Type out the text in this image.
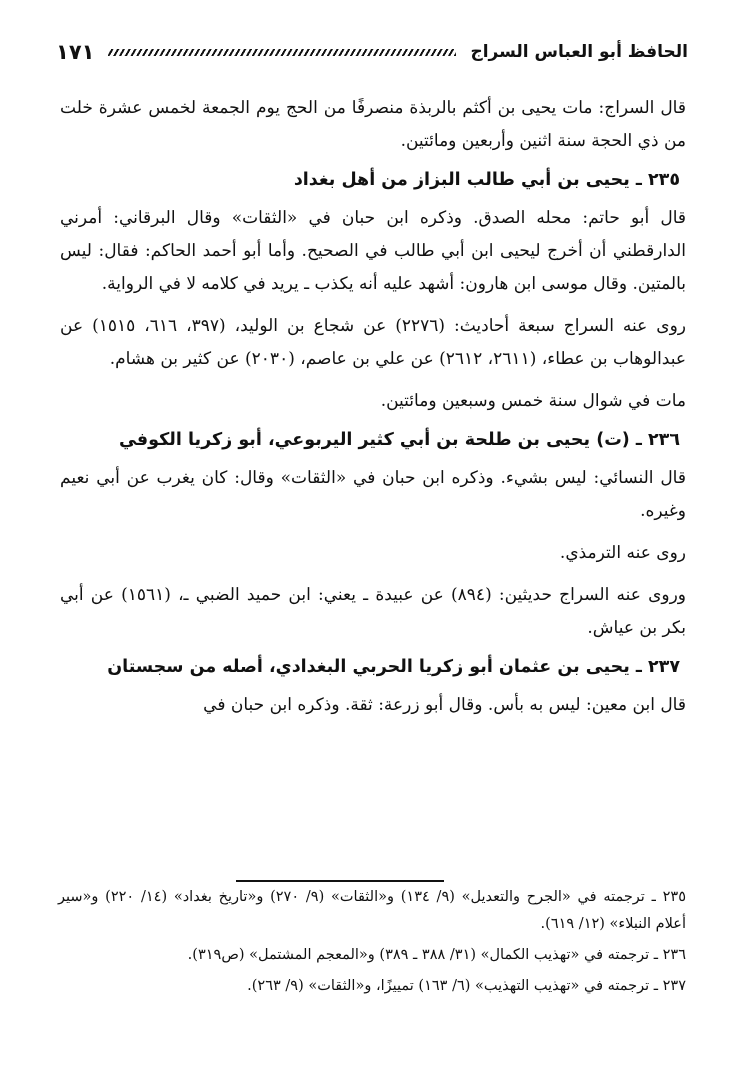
الحافظ أبو العباس السراج
١٧١

قال السراج: مات يحيى بن أكثم بالربذة منصرفًا من الحج يوم الجمعة لخمس عشرة خلت من ذي الحجة سنة اثنين وأربعين ومائتين.

٢٣٥ ـ يحيى بن أبي طالب البزاز من أهل بغداد

قال أبو حاتم: محله الصدق. وذكره ابن حبان في «الثقات» وقال البرقاني: أمرني الدارقطني أن أخرج ليحيى ابن أبي طالب في الصحيح. وأما أبو أحمد الحاكم: فقال: ليس بالمتين. وقال موسى ابن هارون: أشهد عليه أنه يكذب ـ يريد في كلامه لا في الرواية.

روى عنه السراج سبعة أحاديث: (٢٢٧٦) عن شجاع بن الوليد، (٣٩٧، ٦١٦، ١٥١٥) عن عبدالوهاب بن عطاء، (٢٦١١، ٢٦١٢) عن علي بن عاصم، (٢٠٣٠) عن كثير بن هشام.

مات في شوال سنة خمس وسبعين ومائتين.

٢٣٦ ـ (ت) يحيى بن طلحة بن أبي كثير اليربوعي، أبو زكريا الكوفي

قال النسائي: ليس بشيء. وذكره ابن حبان في «الثقات» وقال: كان يغرب عن أبي نعيم وغيره.

روى عنه الترمذي.

وروى عنه السراج حديثين: (٨٩٤) عن عبيدة ـ يعني: ابن حميد الضبي ـ، (١٥٦١) عن أبي بكر بن عياش.

٢٣٧ ـ يحيى بن عثمان أبو زكريا الحربي البغدادي، أصله من سجستان

قال ابن معين: ليس به بأس. وقال أبو زرعة: ثقة. وذكره ابن حبان في

٢٣٥ ـ ترجمته في «الجرح والتعديل» (٩/ ١٣٤) و«الثقات» (٩/ ٢٧٠) و«تاريخ بغداد» (١٤/ ٢٢٠) و«سير أعلام النبلاء» (١٢/ ٦١٩).

٢٣٦ ـ ترجمته في «تهذيب الكمال» (٣١/ ٣٨٨ ـ ٣٨٩) و«المعجم المشتمل» (ص٣١٩).

٢٣٧ ـ ترجمته في «تهذيب التهذيب» (٦/ ١٦٣) تمييزًا، و«الثقات» (٩/ ٢٦٣).
